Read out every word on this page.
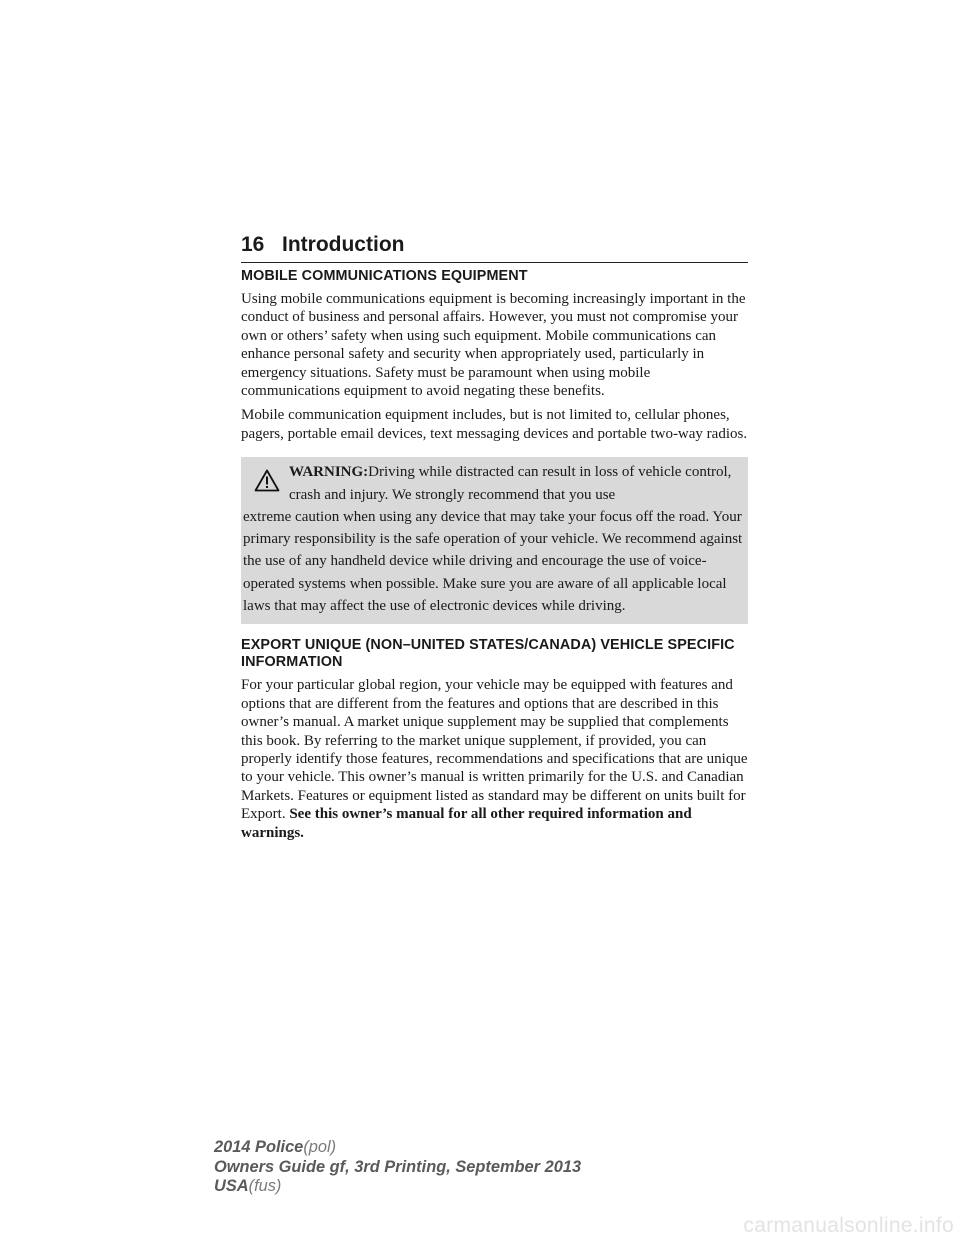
16 Introduction
MOBILE COMMUNICATIONS EQUIPMENT

Using mobile communications equipment is becoming increasingly important in the conduct of business and personal affairs. However, you must not compromise your own or others’ safety when using such equipment. Mobile communications can enhance personal safety and security when appropriately used, particularly in emergency situations. Safety must be paramount when using mobile communications equipment to avoid negating these benefits.

Mobile communication equipment includes, but is not limited to, cellular phones, pagers, portable email devices, text messaging devices and portable two-way radios.

WARNING:Driving while distracted can result in loss of vehicle control, crash and injury. We strongly recommend that you use
extreme caution when using any device that may take your focus off the road. Your primary responsibility is the safe operation of your vehicle. We recommend against the use of any handheld device while driving and encourage the use of voice-operated systems when possible. Make sure you are aware of all applicable local laws that may affect the use of electronic devices while driving.
EXPORT UNIQUE (NON–UNITED STATES/CANADA) VEHICLE SPECIFIC INFORMATION

For your particular global region, your vehicle may be equipped with features and options that are different from the features and options that are described in this owner’s manual. A market unique supplement may be supplied that complements this book. By referring to the market unique supplement, if provided, you can properly identify those features, recommendations and specifications that are unique to your vehicle. This owner’s manual is written primarily for the U.S. and Canadian Markets. Features or equipment listed as standard may be different on units built for Export. See this owner’s manual for all other required information and warnings.

2014 Police(pol)
Owners Guide gf, 3rd Printing, September 2013
USA(fus)
carmanualsonline.info
